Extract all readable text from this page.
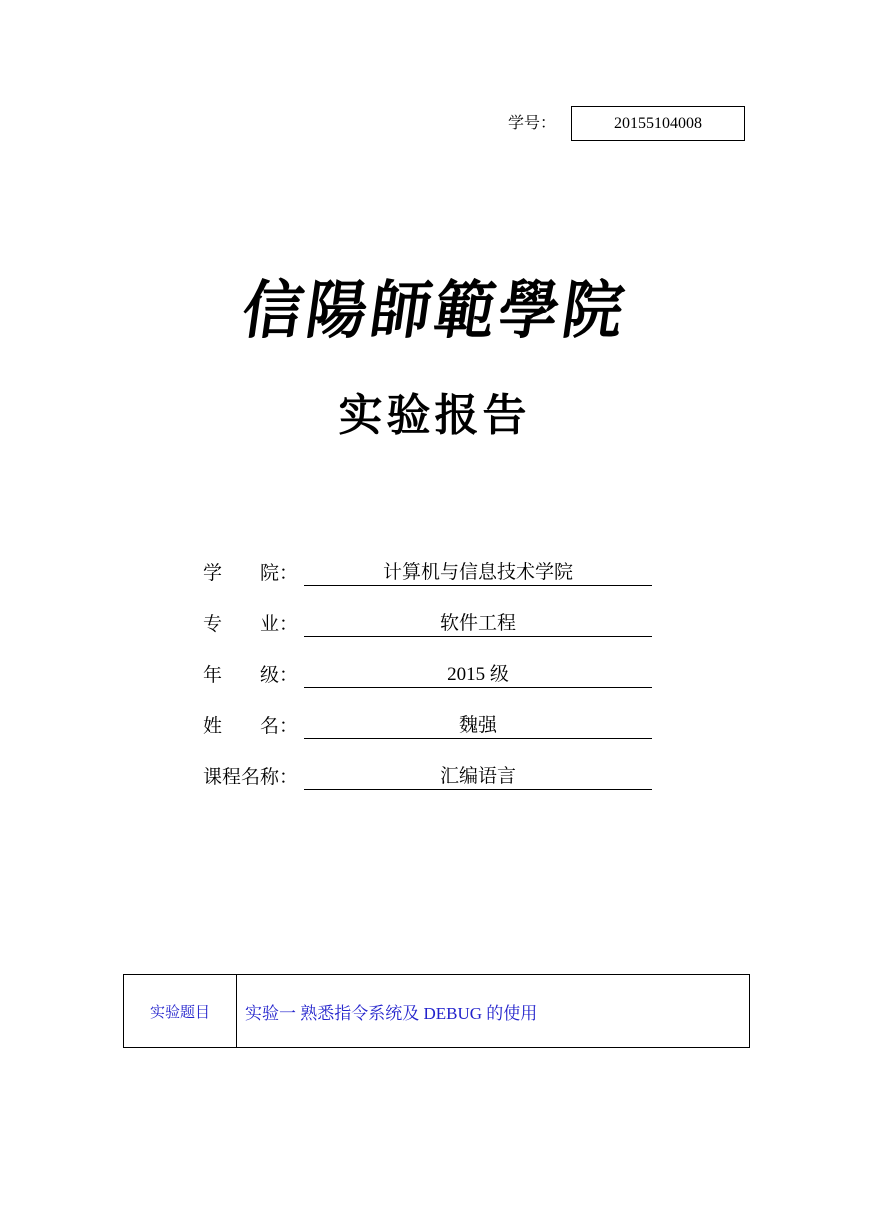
学号：	20155104008
信陽師範學院
实验报告
学　　院：	计算机与信息技术学院
专　　业：	软件工程
年　　级：	2015 级
姓　　名：	魏强
课程名称：	汇编语言
实验题目	实验一 熟悉指令系统及 DEBUG 的使用
